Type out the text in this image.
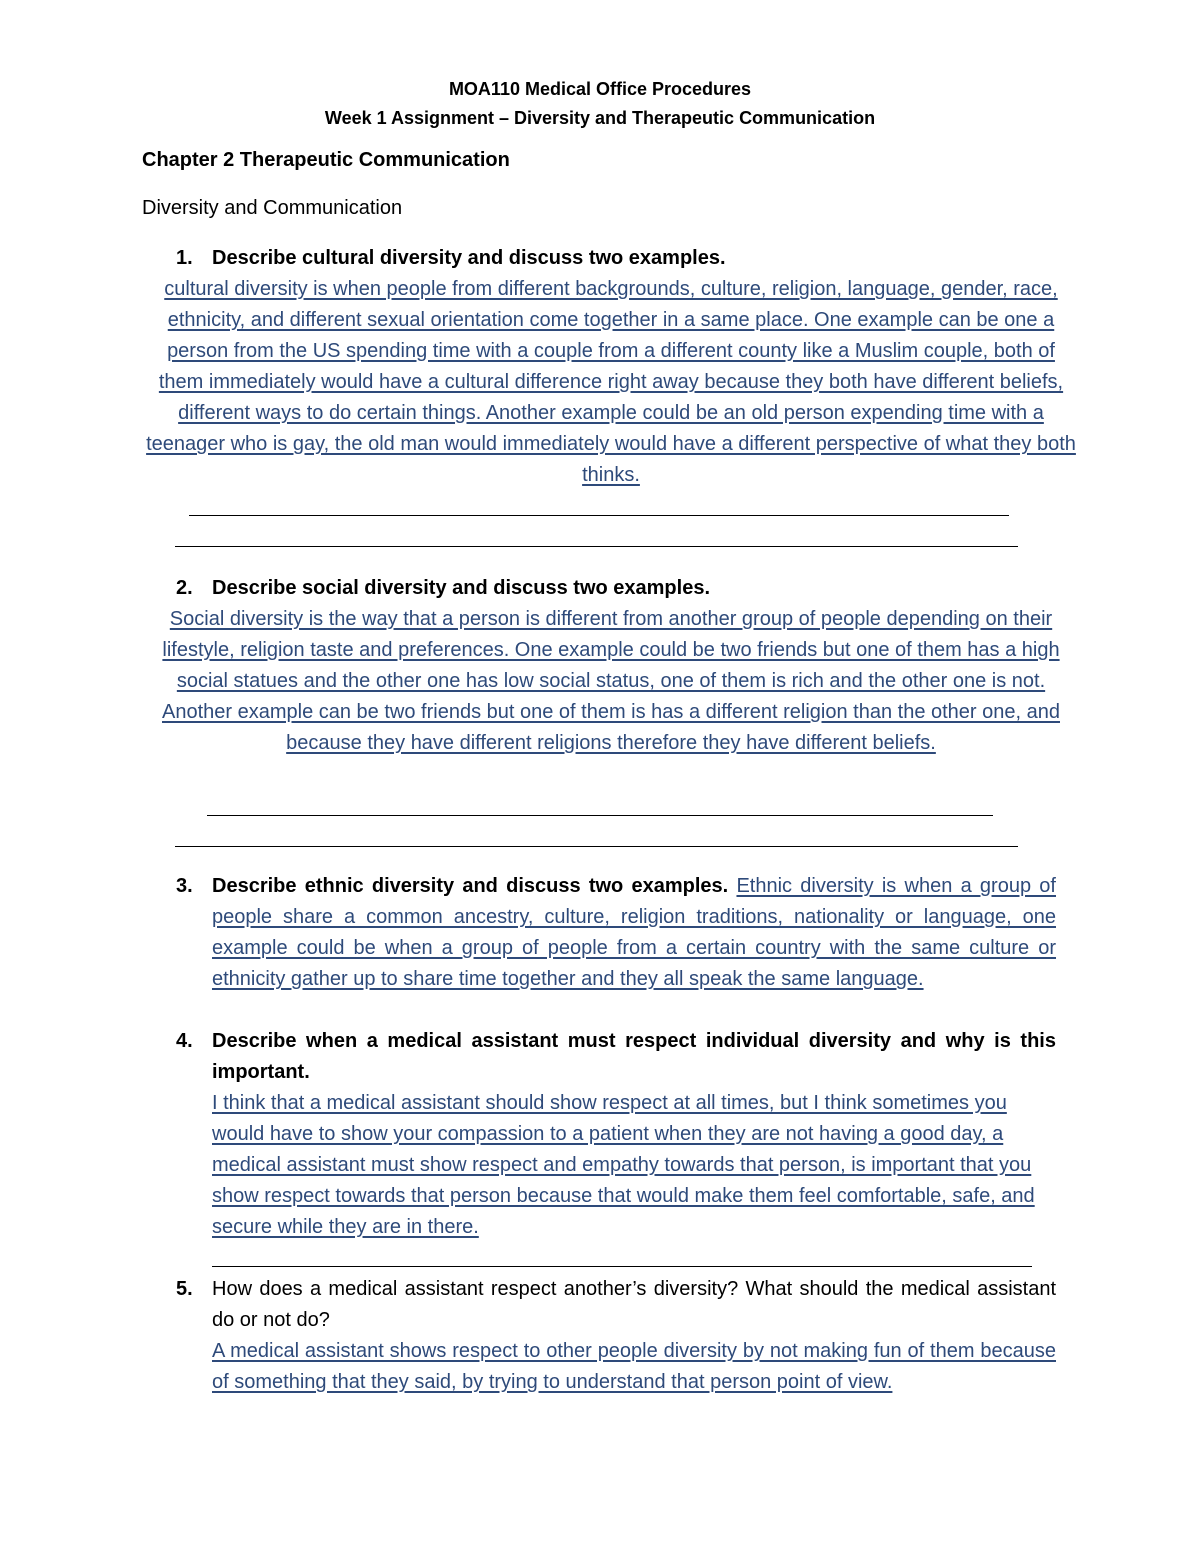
MOA110 Medical Office Procedures
Week 1 Assignment – Diversity and Therapeutic Communication
Chapter 2 Therapeutic Communication
Diversity and Communication
1. Describe cultural diversity and discuss two examples.
cultural diversity is when people from different backgrounds, culture, religion, language, gender, race, ethnicity, and different sexual orientation come together in a same place. One example can be one a person from the US spending time with a couple from a different county like a Muslim couple, both of them immediately would have a cultural difference right away because they both have different beliefs, different ways to do certain things. Another example could be an old person expending time with a teenager who is gay, the old man would immediately would have a different perspective of what they both thinks.
2. Describe social diversity and discuss two examples.
Social diversity is the way that a person is different from another group of people depending on their lifestyle, religion taste and preferences. One example could be two friends but one of them has a high social statues and the other one has low social status, one of them is rich and the other one is not. Another example can be two friends but one of them is has a different religion than the other one, and because they have different religions therefore they have different beliefs.
3. Describe ethnic diversity and discuss two examples. Ethnic diversity is when a group of people share a common ancestry, culture, religion traditions, nationality or language, one example could be when a group of people from a certain country with the same culture or ethnicity gather up to share time together and they all speak the same language.
4. Describe when a medical assistant must respect individual diversity and why is this important.
I think that a medical assistant should show respect at all times, but I think sometimes you would have to show your compassion to a patient when they are not having a good day, a medical assistant must show respect and empathy towards that person, is important that you show respect towards that person because that would make them feel comfortable, safe, and secure while they are in there.
5. How does a medical assistant respect another’s diversity? What should the medical assistant do or not do?
A medical assistant shows respect to other people diversity by not making fun of them because of something that they said, by trying to understand that person point of view.
